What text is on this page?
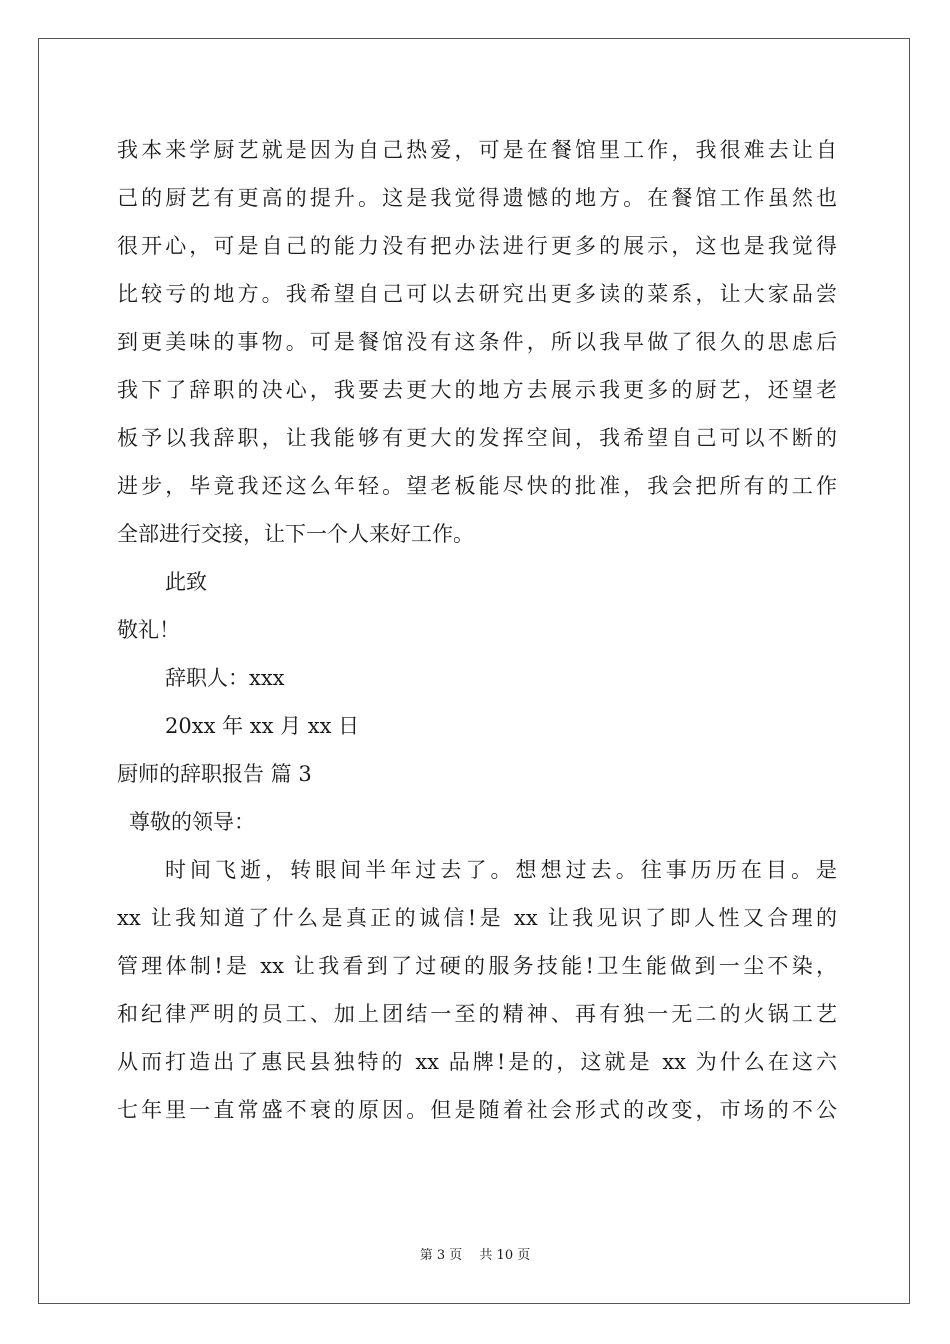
我本来学厨艺就是因为自己热爱，可是在餐馆里工作，我很难去让自
己的厨艺有更高的提升。这是我觉得遗憾的地方。在餐馆工作虽然也
很开心，可是自己的能力没有把办法进行更多的展示，这也是我觉得
比较亏的地方。我希望自己可以去研究出更多读的菜系，让大家品尝
到更美味的事物。可是餐馆没有这条件，所以我早做了很久的思虑后
我下了辞职的决心，我要去更大的地方去展示我更多的厨艺，还望老
板予以我辞职，让我能够有更大的发挥空间，我希望自己可以不断的
进步，毕竟我还这么年轻。望老板能尽快的批准，我会把所有的工作
全部进行交接，让下一个人来好工作。
此致
敬礼！
辞职人：xxx
20xx 年 xx 月 xx 日
厨师的辞职报告 篇 3
尊敬的领导：
时间飞逝，转眼间半年过去了。想想过去。往事历历在目。是
xx 让我知道了什么是真正的诚信!是 xx 让我见识了即人性又合理的
管理体制!是 xx 让我看到了过硬的服务技能!卫生能做到一尘不染，
和纪律严明的员工、加上团结一至的精神、再有独一无二的火锅工艺
从而打造出了惠民县独特的 xx 品牌!是的，这就是 xx 为什么在这六
七年里一直常盛不衰的原因。但是随着社会形式的改变，市场的不公
第 3 页　 共 10 页
